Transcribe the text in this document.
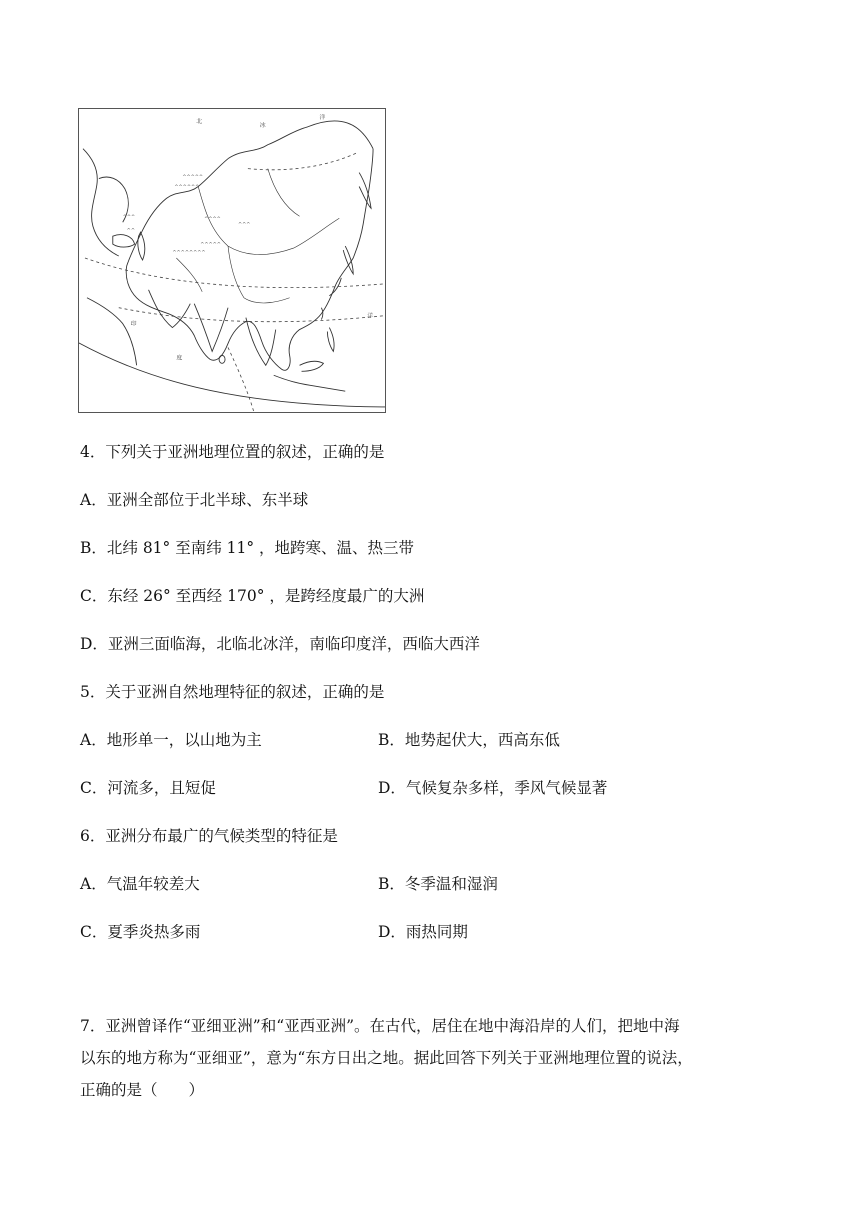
^^^^^^
^^^^^
^^^
^^
^^^^^
^^^^^^^^
^^^^
^^^
北
冰
洋
洋
印
度
4．下列关于亚洲地理位置的叙述，正确的是
A．亚洲全部位于北半球、东半球
B．北纬 81° 至南纬 11° ，地跨寒、温、热三带
C．东经 26° 至西经 170° ，是跨经度最广的大洲
D．亚洲三面临海，北临北冰洋，南临印度洋，西临大西洋
5．关于亚洲自然地理特征的叙述，正确的是
A．地形单一，以山地为主	B．地势起伏大，西高东低
C．河流多，且短促	D．气候复杂多样，季风气候显著
6．亚洲分布最广的气候类型的特征是
A．气温年较差大	B．冬季温和湿润
C．夏季炎热多雨	D．雨热同期
7．亚洲曾译作“亚细亚洲”和“亚西亚洲”。在古代，居住在地中海沿岸的人们，把地中海
以东的地方称为“亚细亚”，意为“东方日出之地。据此回答下列关于亚洲地理位置的说法，
正确的是（　　）
